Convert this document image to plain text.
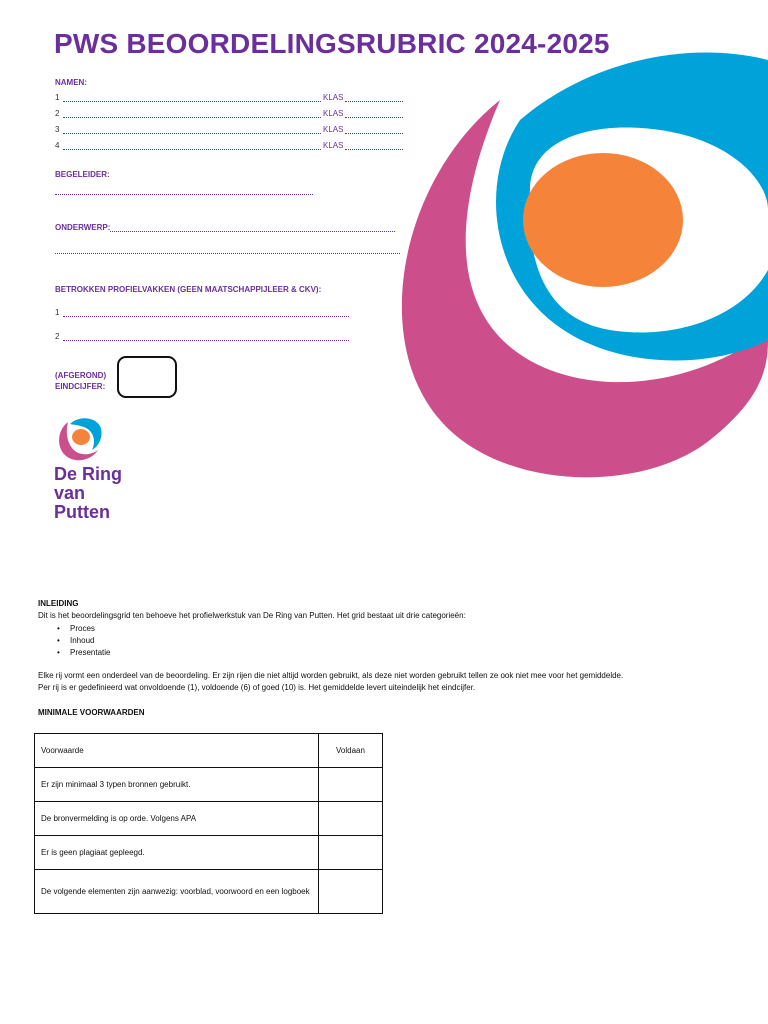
PWS BEOORDELINGSRUBRIC 2024-2025
NAMEN:
1	KLAS
2	KLAS
3	KLAS
4	KLAS
BEGELEIDER:
ONDERWERP:
BETROKKEN PROFIELVAKKEN (GEEN MAATSCHAPPIJLEER & CKV):
1
2
(AFGEROND)
EINDCIJFER:
De Ring
van
Putten
INLEIDING
Dit is het beoordelingsgrid ten behoeve het profielwerkstuk van De Ring van Putten. Het grid bestaat uit drie categorieën:
• Proces
• Inhoud
• Presentatie
Elke rij vormt een onderdeel van de beoordeling. Er zijn rijen die niet altijd worden gebruikt, als deze niet worden gebruikt tellen ze ook niet mee voor het gemiddelde.
Per rij is er gedefinieerd wat onvoldoende (1), voldoende (6) of goed (10) is. Het gemiddelde levert uiteindelijk het eindcijfer.
MINIMALE VOORWAARDEN
Voorwaarde	Voldaan
Er zijn minimaal 3 typen bronnen gebruikt.	
De bronvermelding is op orde. Volgens APA	
Er is geen plagiaat gepleegd.	
De volgende elementen zijn aanwezig: voorblad, voorwoord en een logboek	
